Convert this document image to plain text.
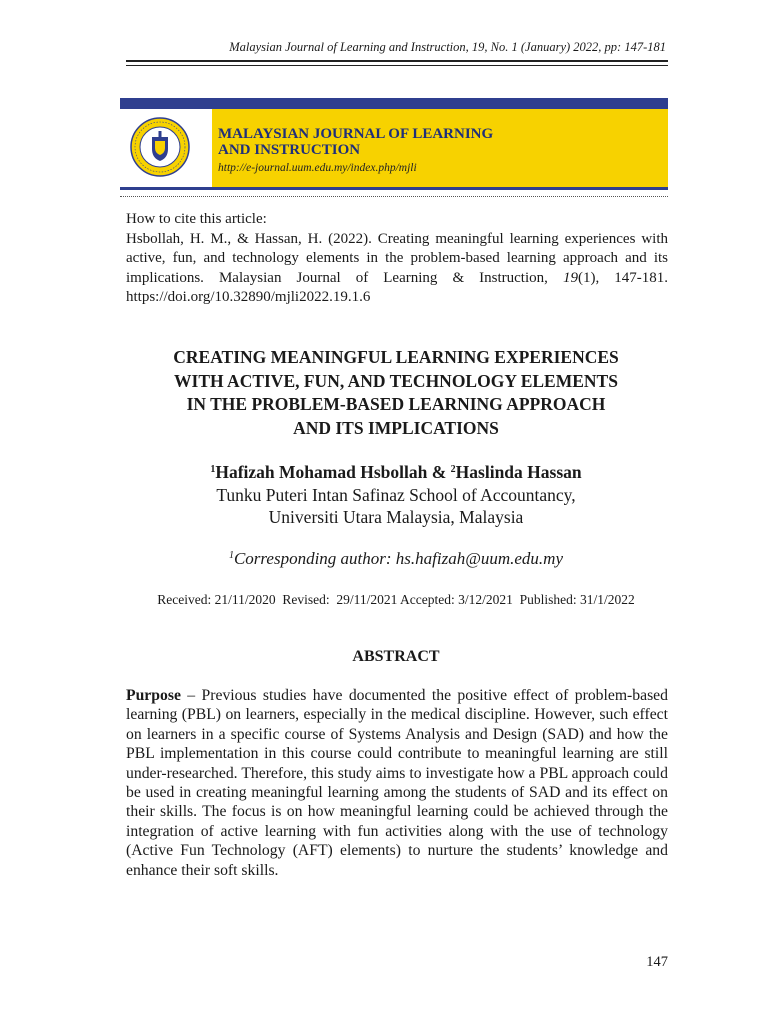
Malaysian Journal of Learning and Instruction, 19, No. 1 (January) 2022, pp: 147-181
MALAYSIAN JOURNAL OF LEARNING
AND INSTRUCTION
http://e-journal.uum.edu.my/index.php/mjli
How to cite this article:
Hsbollah, H. M., & Hassan, H. (2022). Creating meaningful learning experiences with active, fun, and technology elements in the problem-based learning approach and its implications. Malaysian Journal of Learning & Instruction, 19(1), 147-181. https://doi.org/10.32890/mjli2022.19.1.6
CREATING MEANINGFUL LEARNING EXPERIENCES
WITH ACTIVE, FUN, AND TECHNOLOGY ELEMENTS
IN THE PROBLEM-BASED LEARNING APPROACH
AND ITS IMPLICATIONS
$^1$Hafizah Mohamad Hsbollah & $^2$Haslinda Hassan
Tunku Puteri Intan Safinaz School of Accountancy,
Universiti Utara Malaysia, Malaysia
$^1$Corresponding author: hs.hafizah@uum.edu.my
Received: 21/11/2020  Revised:  29/11/2021 Accepted: 3/12/2021  Published: 31/1/2022
ABSTRACT
Purpose – Previous studies have documented the positive effect of problem-based learning (PBL) on learners, especially in the medical discipline. However, such effect on learners in a specific course of Systems Analysis and Design (SAD) and how the PBL implementation in this course could contribute to meaningful learning are still under-researched. Therefore, this study aims to investigate how a PBL approach could be used in creating meaningful learning among the students of SAD and its effect on their skills. The focus is on how meaningful learning could be achieved through the integration of active learning with fun activities along with the use of technology (Active Fun Technology (AFT) elements) to nurture the students’ knowledge and enhance their soft skills.
147
